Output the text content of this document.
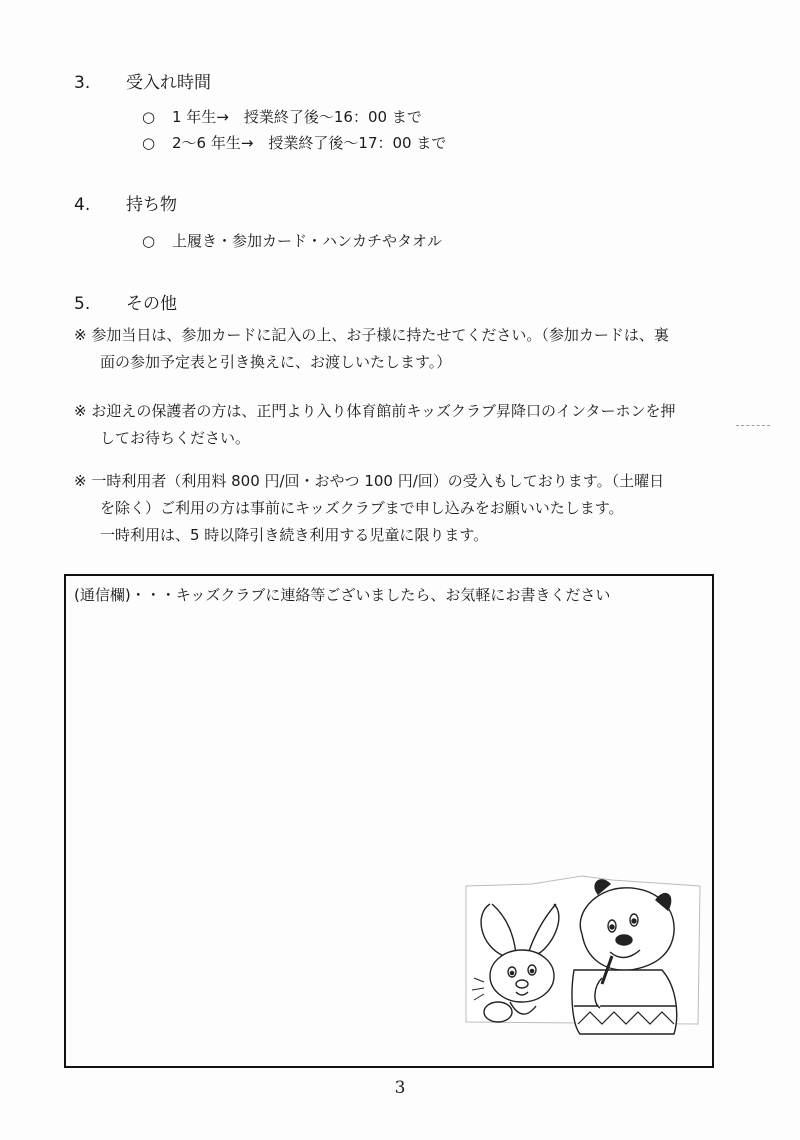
3. 受入れ時間
○ 1 年生→　授業終了後～16：00 まで
○ 2～6 年生→　授業終了後～17：00 まで
4. 持ち物
○ 上履き・参加カード・ハンカチやタオル
5. その他
※ 参加当日は、参加カードに記入の上、お子様に持たせてください。（参加カードは、裏
面の参加予定表と引き換えに、お渡しいたします。）
※ お迎えの保護者の方は、正門より入り体育館前キッズクラブ昇降口のインターホンを押
してお待ちください。
※ 一時利用者（利用料 800 円/回・おやつ 100 円/回）の受入もしております。（土曜日
を除く）ご利用の方は事前にキッズクラブまで申し込みをお願いいたします。
一時利用は、5 時以降引き続き利用する児童に限ります。
(通信欄)・・・キッズクラブに連絡等ございましたら、お気軽にお書きください
3
